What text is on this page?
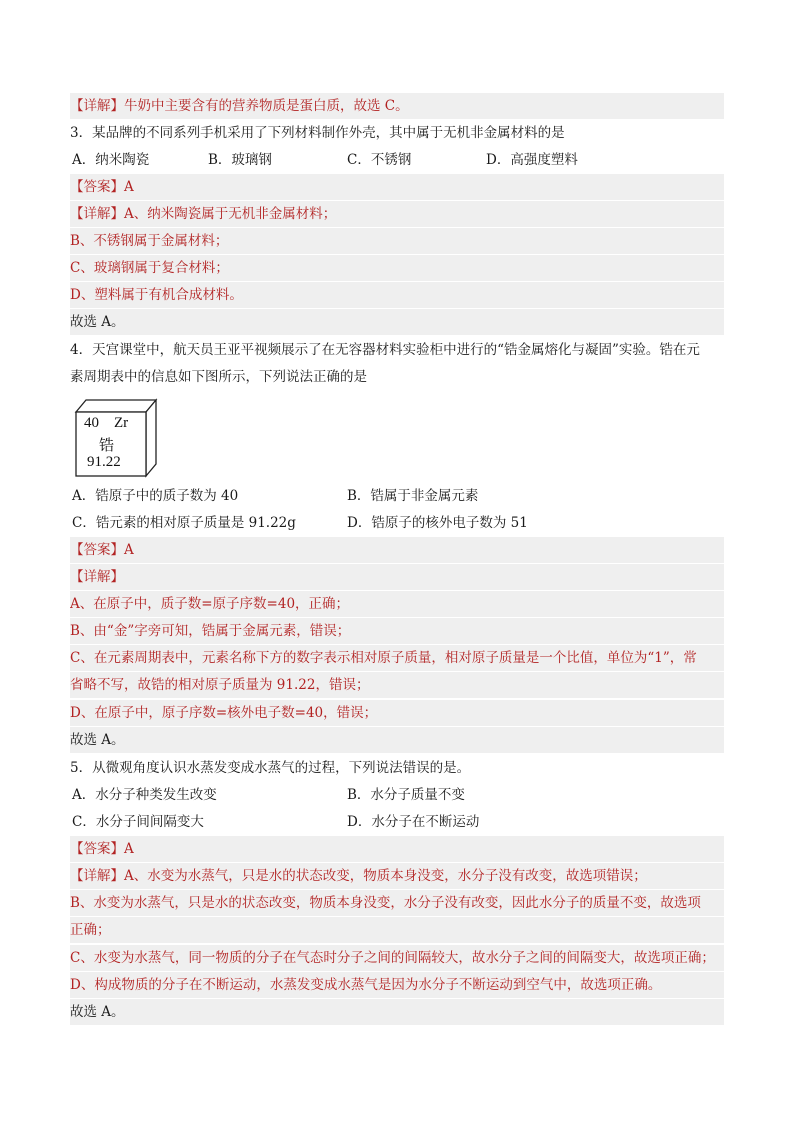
【详解】牛奶中主要含有的营养物质是蛋白质，故选 C。
3．某品牌的不同系列手机采用了下列材料制作外壳，其中属于无机非金属材料的是
A．纳米陶瓷	B．玻璃钢	C．不锈钢	D．高强度塑料
【答案】A
【详解】A、纳米陶瓷属于无机非金属材料；
B、不锈钢属于金属材料；
C、玻璃钢属于复合材料；
D、塑料属于有机合成材料。
故选 A。
4．天宫课堂中，航天员王亚平视频展示了在无容器材料实验柜中进行的“锆金属熔化与凝固”实验。锆在元
素周期表中的信息如下图所示，下列说法正确的是
40 Zr
锆
91.22
A．锆原子中的质子数为 40	B．锆属于非金属元素
C．锆元素的相对原子质量是 91.22g	D．锆原子的核外电子数为 51
【答案】A
【详解】
A、在原子中，质子数=原子序数=40，正确；
B、由“金”字旁可知，锆属于金属元素，错误；
C、在元素周期表中，元素名称下方的数字表示相对原子质量，相对原子质量是一个比值，单位为“1”，常
省略不写，故锆的相对原子质量为 91.22，错误；
D、在原子中，原子序数=核外电子数=40，错误；
故选 A。
5．从微观角度认识水蒸发变成水蒸气的过程，下列说法错误的是。
A．水分子种类发生改变	B．水分子质量不变
C．水分子间间隔变大	D．水分子在不断运动
【答案】A
【详解】A、水变为水蒸气，只是水的状态改变，物质本身没变，水分子没有改变，故选项错误；
B、水变为水蒸气，只是水的状态改变，物质本身没变，水分子没有改变，因此水分子的质量不变，故选项
正确；
C、水变为水蒸气，同一物质的分子在气态时分子之间的间隔较大，故水分子之间的间隔变大，故选项正确；
D、构成物质的分子在不断运动，水蒸发变成水蒸气是因为水分子不断运动到空气中，故选项正确。
故选 A。
